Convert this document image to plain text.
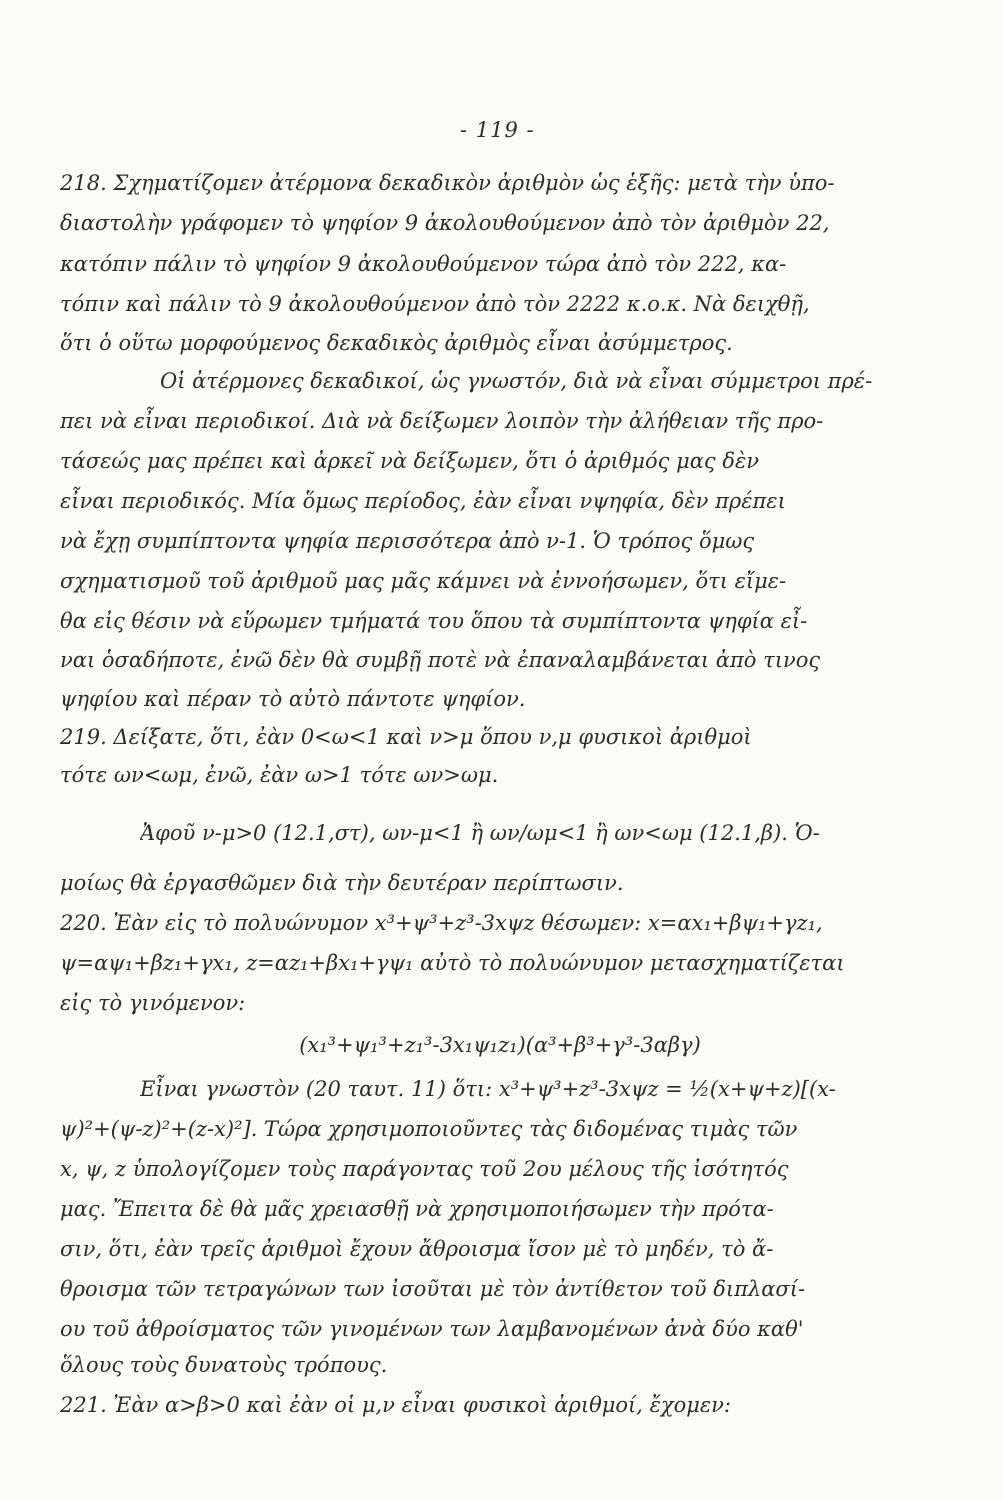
- 119 -
218. Σχηματίζομεν ἀτέρμονα δεκαδικὸν ἀριθμὸν ὡς ἑξῆς: μετὰ τὴν ὑπο-
διαστολὴν γράφομεν τὸ ψηφίον 9 ἀκολουθούμενον ἀπὸ τὸν ἀριθμὸν 22,
κατόπιν πάλιν τὸ ψηφίον 9 ἀκολουθούμενον τώρα ἀπὸ τὸν 222, κα-
τόπιν καὶ πάλιν τὸ 9 ἀκολουθούμενον ἀπὸ τὸν 2222 κ.ο.κ. Νὰ δειχθῇ,
ὅτι ὁ οὕτω μορφούμενος δεκαδικὸς ἀριθμὸς εἶναι ἀσύμμετρος.
Οἱ ἀτέρμονες δεκαδικοί, ὡς γνωστόν, διὰ νὰ εἶναι σύμμετροι πρέ-
πει νὰ εἶναι περιοδικοί. Διὰ νὰ δείξωμεν λοιπὸν τὴν ἀλήθειαν τῆς προ-
τάσεώς μας πρέπει καὶ ἀρκεῖ νὰ δείξωμεν, ὅτι ὁ ἀριθμός μας δὲν
εἶναι περιοδικός. Μία ὅμως περίοδος, ἐὰν εἶναι νψηφία, δὲν πρέπει
νὰ ἔχῃ συμπίπτοντα ψηφία περισσότερα ἀπὸ ν-1. Ὁ τρόπος ὅμως
σχηματισμοῦ τοῦ ἀριθμοῦ μας μᾶς κάμνει νὰ ἐννοήσωμεν, ὅτι εἴμε-
θα εἰς θέσιν νὰ εὕρωμεν τμήματά του ὅπου τὰ συμπίπτοντα ψηφία εἶ-
ναι ὁσαδήποτε, ἐνῶ δὲν θὰ συμβῇ ποτὲ νὰ ἐπαναλαμβάνεται ἀπὸ τινος
ψηφίου καὶ πέραν τὸ αὐτὸ πάντοτε ψηφίον.
219. Δείξατε, ὅτι, ἐὰν 0<ω<1 καὶ ν>μ ὅπου ν,μ φυσικοὶ ἀριθμοὶ
τότε ων<ωμ, ἐνῶ, ἐὰν ω>1 τότε ων>ωμ.
Ἀφοῦ ν-μ>0 (12.1,στ), ων-μ<1 ἢ ων/ωμ<1 ἢ ων<ωμ (12.1,β). Ὁ-
μοίως θὰ ἐργασθῶμεν διὰ τὴν δευτέραν περίπτωσιν.
220. Ἐὰν εἰς τὸ πολυώνυμον x³+ψ³+z³-3xψz θέσωμεν: x=αx₁+βψ₁+γz₁,
ψ=αψ₁+βz₁+γx₁, z=αz₁+βx₁+γψ₁ αὐτὸ τὸ πολυώνυμον μετασχηματίζεται
εἰς τὸ γινόμενον:
(x₁³+ψ₁³+z₁³-3x₁ψ₁z₁)(α³+β³+γ³-3αβγ)
Εἶναι γνωστὸν (20 ταυτ. 11) ὅτι: x³+ψ³+z³-3xψz = ½(x+ψ+z)[(x-
ψ)²+(ψ-z)²+(z-x)²]. Τώρα χρησιμοποιοῦντες τὰς διδομένας τιμὰς τῶν
x, ψ, z ὑπολογίζομεν τοὺς παράγοντας τοῦ 2ου μέλους τῆς ἰσότητός
μας. Ἔπειτα δὲ θὰ μᾶς χρειασθῇ νὰ χρησιμοποιήσωμεν τὴν πρότα-
σιν, ὅτι, ἐὰν τρεῖς ἀριθμοὶ ἔχουν ἄθροισμα ἴσον μὲ τὸ μηδέν, τὸ ἄ-
θροισμα τῶν τετραγώνων των ἰσοῦται μὲ τὸν ἀντίθετον τοῦ διπλασί-
ου τοῦ ἀθροίσματος τῶν γινομένων των λαμβανομένων ἀνὰ δύο καθ'
ὅλους τοὺς δυνατοὺς τρόπους.
221. Ἐὰν α>β>0 καὶ ἐὰν οἱ μ,ν εἶναι φυσικοὶ ἀριθμοί, ἔχομεν:
